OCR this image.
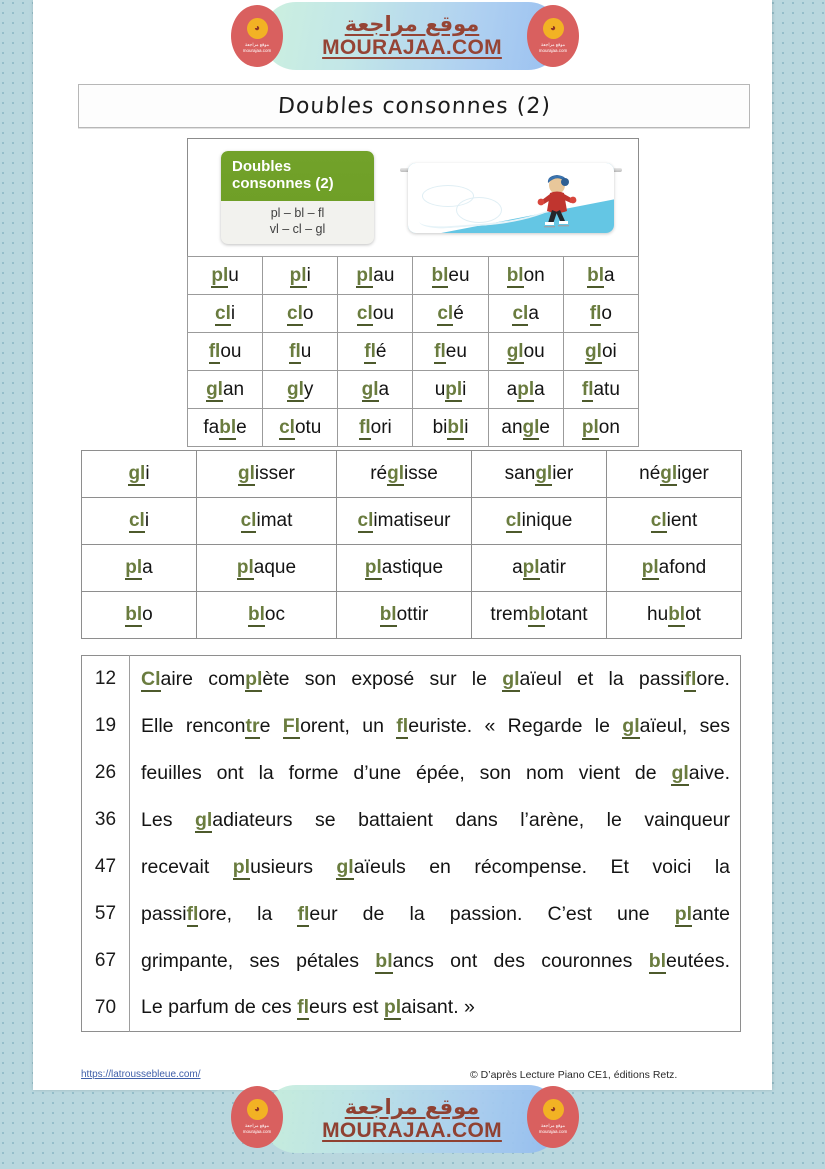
موقع مراجعة
MOURAJAA.COM
◕
موقع مراجعة
mourajaa.com
◕
موقع مراجعة
mourajaa.com
Doubles consonnes (2)
Doubles
consonnes (2)
pl – bl – fl
vl – cl – gl
plu	pli	plau	bleu	blon	bla
cli	clo	clou	clé	cla	flo
flou	flu	flé	fleu	glou	gloi
glan	gly	gla	upli	apla	flatu
fable	clotu	flori	bibli	angle	plon
gli	glisser	réglisse	sanglier	négliger
cli	climat	climatiseur	clinique	client
pla	plaque	plastique	aplatir	plafond
blo	bloc	blottir	tremblotant	hublot
12	Claire complète son exposé sur le glaïeul et la passiflore.
19	Elle rencontre Florent, un fleuriste. « Regarde le glaïeul, ses
26	feuilles ont la forme d’une épée, son nom vient de glaive.
36	Les gladiateurs se battaient dans l’arène, le vainqueur
47	recevait plusieurs glaïeuls en récompense. Et voici la
57	passiflore, la fleur de la passion. C’est une plante
67	grimpante, ses pétales blancs ont des couronnes bleutées.
70	Le parfum de ces fleurs est plaisant. »
https://latroussebleue.com/	© D’après Lecture Piano CE1, éditions Retz.
موقع مراجعة
MOURAJAA.COM
◕
موقع مراجعة
mourajaa.com
◕
موقع مراجعة
mourajaa.com
